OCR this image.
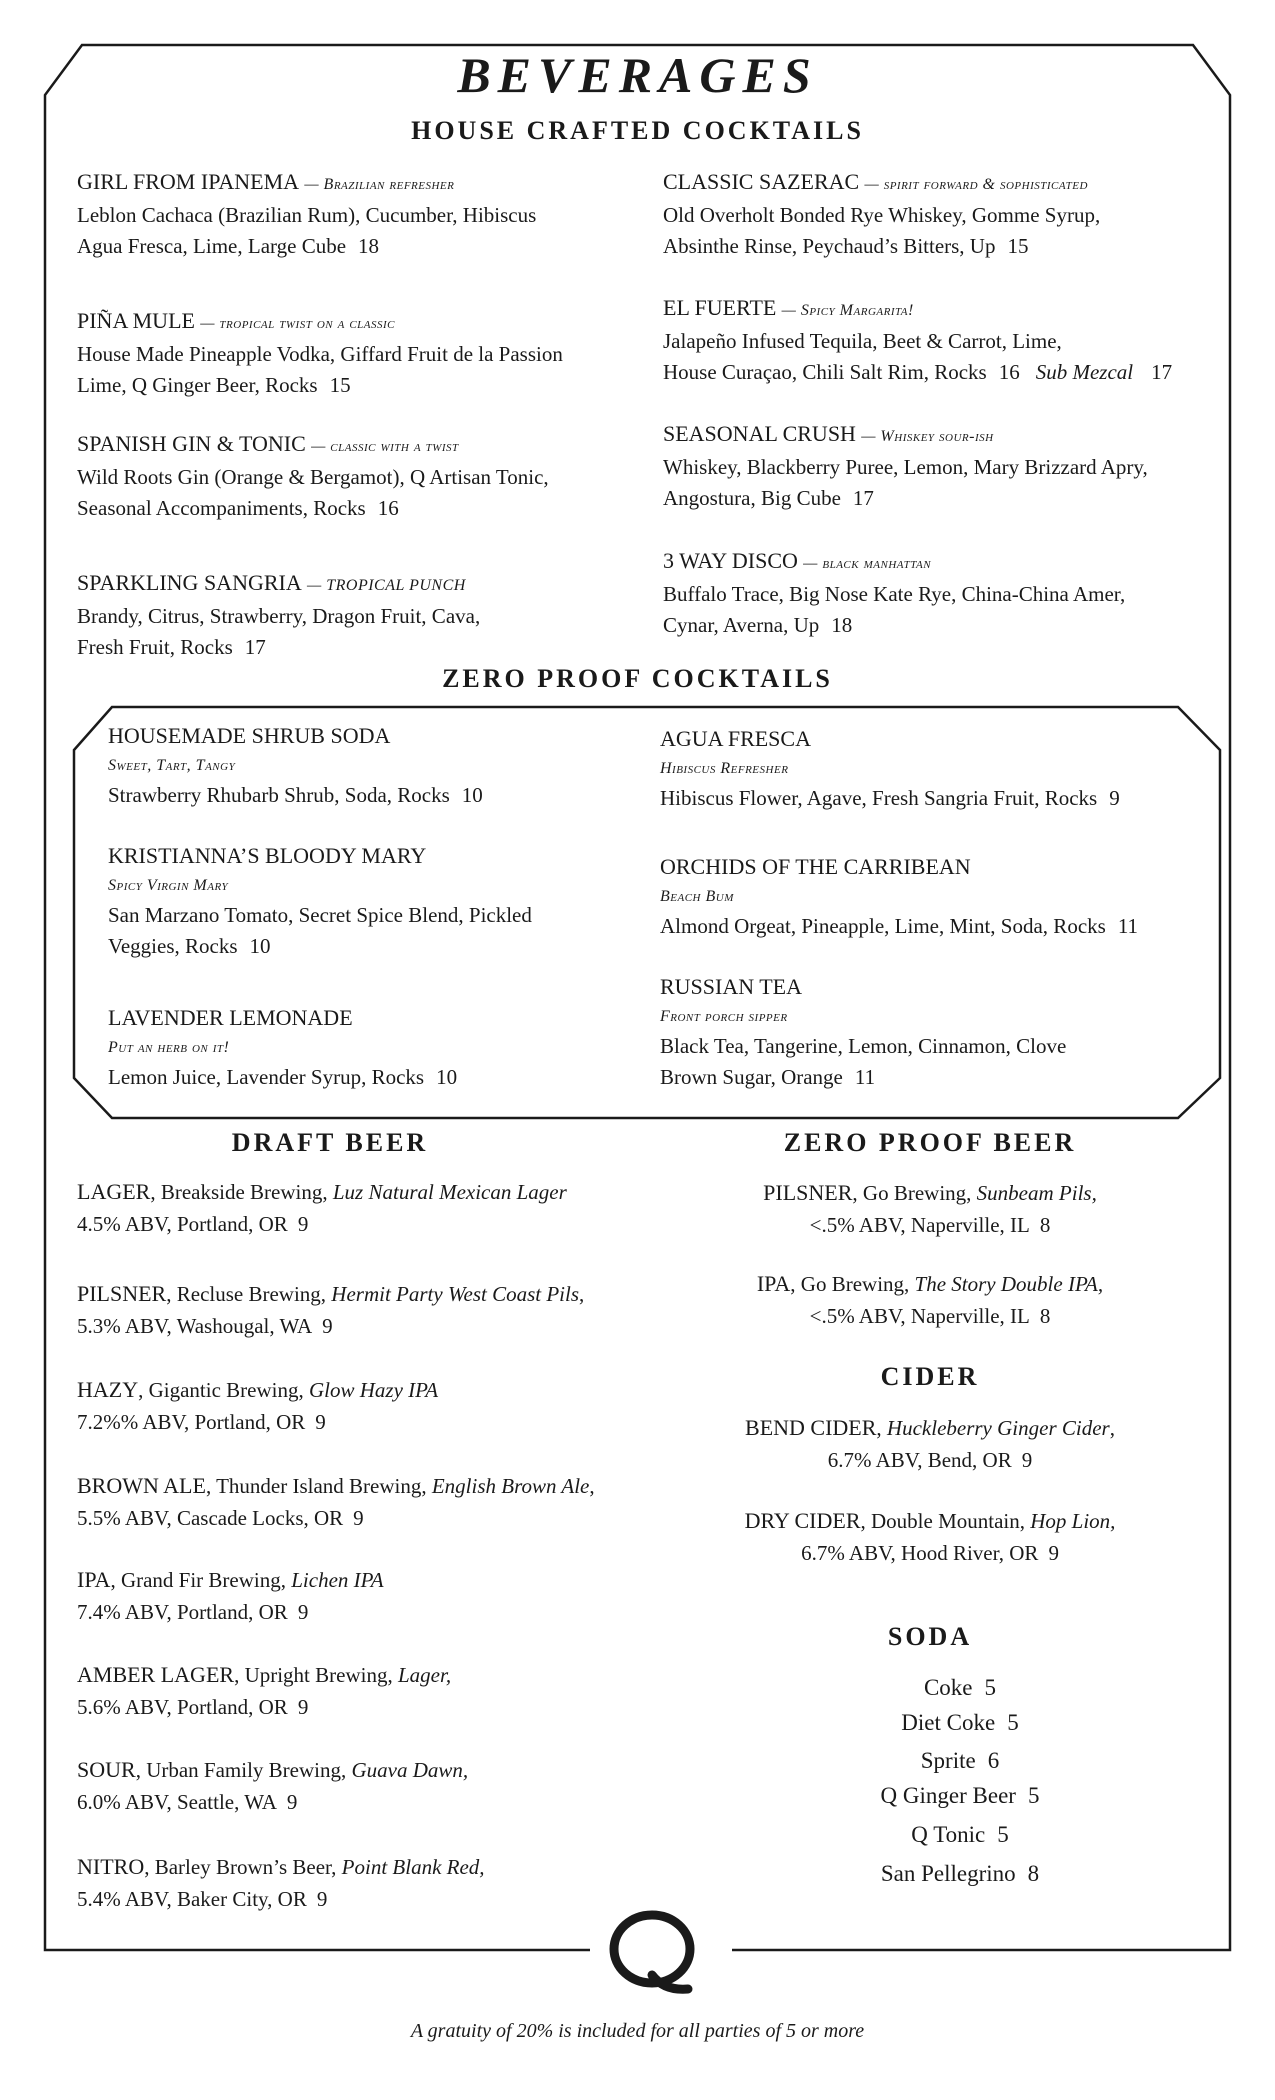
BEVERAGES
HOUSE CRAFTED COCKTAILS
GIRL FROM IPANEMA — Brazilian refresher
Leblon Cachaca (Brazilian Rum), Cucumber, Hibiscus
Agua Fresca, Lime, Large Cube 18
PIÑA MULE — tropical twist on a classic
House Made Pineapple Vodka, Giffard Fruit de la Passion
Lime, Q Ginger Beer, Rocks 15
SPANISH GIN & TONIC — classic with a twist
Wild Roots Gin (Orange & Bergamot), Q Artisan Tonic,
Seasonal Accompaniments, Rocks 16
SPARKLING SANGRIA — TROPICAL PUNCH
Brandy, Citrus, Strawberry, Dragon Fruit, Cava,
Fresh Fruit, Rocks 17
CLASSIC SAZERAC — spirit forward & sophisticated
Old Overholt Bonded Rye Whiskey, Gomme Syrup,
Absinthe Rinse, Peychaud’s Bitters, Up 15
EL FUERTE — Spicy Margarita!
Jalapeño Infused Tequila, Beet & Carrot, Lime,
House Curaçao, Chili Salt Rim, Rocks 16 Sub Mezcal 17
SEASONAL CRUSH — Whiskey sour-ish
Whiskey, Blackberry Puree, Lemon, Mary Brizzard Apry,
Angostura, Big Cube 17
3 WAY DISCO — black manhattan
Buffalo Trace, Big Nose Kate Rye, China-China Amer,
Cynar, Averna, Up 18
ZERO PROOF COCKTAILS
HOUSEMADE SHRUB SODA
Sweet, Tart, Tangy
Strawberry Rhubarb Shrub, Soda, Rocks 10
KRISTIANNA’S BLOODY MARY
Spicy Virgin Mary
San Marzano Tomato, Secret Spice Blend, Pickled
Veggies, Rocks 10
LAVENDER LEMONADE
Put an herb on it!
Lemon Juice, Lavender Syrup, Rocks 10
AGUA FRESCA
Hibiscus Refresher
Hibiscus Flower, Agave, Fresh Sangria Fruit, Rocks 9
ORCHIDS OF THE CARRIBEAN
Beach Bum
Almond Orgeat, Pineapple, Lime, Mint, Soda, Rocks 11
RUSSIAN TEA
Front porch sipper
Black Tea, Tangerine, Lemon, Cinnamon, Clove
Brown Sugar, Orange 11
DRAFT BEER
LAGER, Breakside Brewing, Luz Natural Mexican Lager
4.5% ABV, Portland, OR 9
PILSNER, Recluse Brewing, Hermit Party West Coast Pils,
5.3% ABV, Washougal, WA 9
HAZY, Gigantic Brewing, Glow Hazy IPA
7.2%% ABV, Portland, OR 9
BROWN ALE, Thunder Island Brewing, English Brown Ale,
5.5% ABV, Cascade Locks, OR 9
IPA, Grand Fir Brewing, Lichen IPA
7.4% ABV, Portland, OR 9
AMBER LAGER, Upright Brewing, Lager,
5.6% ABV, Portland, OR 9
SOUR, Urban Family Brewing, Guava Dawn,
6.0% ABV, Seattle, WA 9
NITRO, Barley Brown’s Beer, Point Blank Red,
5.4% ABV, Baker City, OR 9
ZERO PROOF BEER
PILSNER, Go Brewing, Sunbeam Pils,
<.5% ABV, Naperville, IL 8
IPA, Go Brewing, The Story Double IPA,
<.5% ABV, Naperville, IL 8
CIDER
BEND CIDER, Huckleberry Ginger Cider,
6.7% ABV, Bend, OR 9
DRY CIDER, Double Mountain, Hop Lion,
6.7% ABV, Hood River, OR 9
SODA
Coke 5
Diet Coke 5
Sprite 6
Q Ginger Beer 5
Q Tonic 5
San Pellegrino 8
A gratuity of 20% is included for all parties of 5 or more
